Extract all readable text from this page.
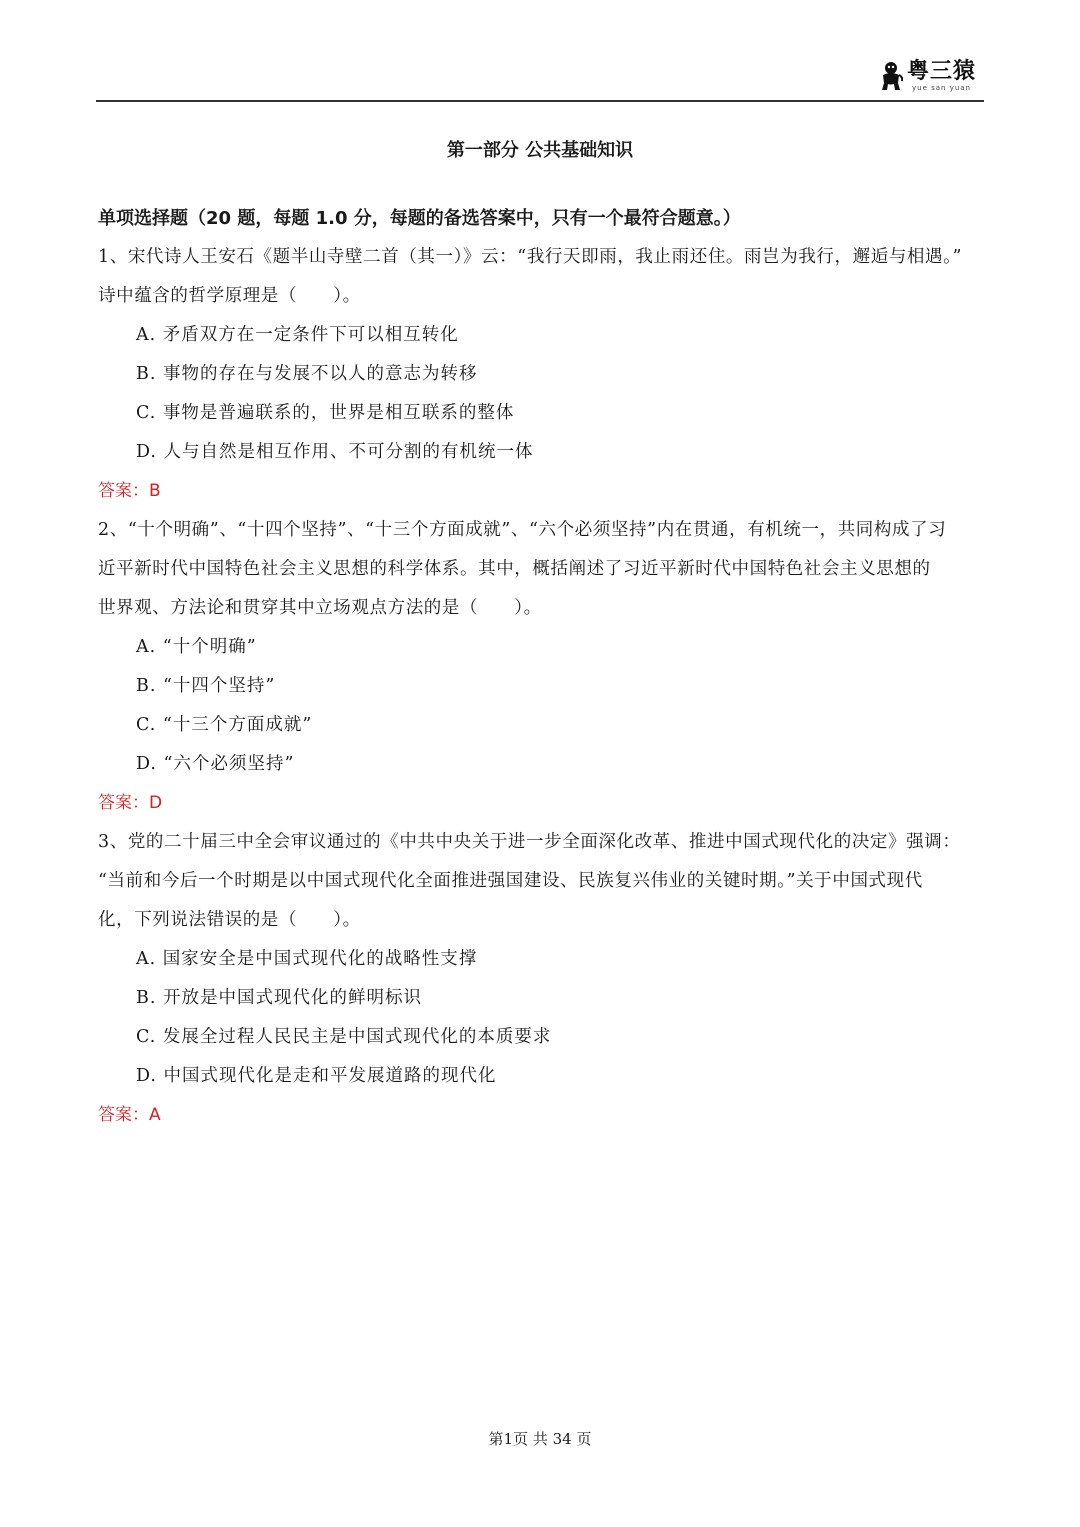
粤三猿
yue san yuan
第一部分 公共基础知识
单项选择题（20 题，每题 1.0 分，每题的备选答案中，只有一个最符合题意。）
1、宋代诗人王安石《题半山寺壁二首（其一）》云：“我行天即雨，我止雨还住。雨岂为我行，邂逅与相遇。”
诗中蕴含的哲学原理是（　　）。
A. 矛盾双方在一定条件下可以相互转化
B. 事物的存在与发展不以人的意志为转移
C. 事物是普遍联系的，世界是相互联系的整体
D. 人与自然是相互作用、不可分割的有机统一体
答案：B
2、“十个明确”、“十四个坚持”、“十三个方面成就”、“六个必须坚持”内在贯通，有机统一，共同构成了习
近平新时代中国特色社会主义思想的科学体系。其中，概括阐述了习近平新时代中国特色社会主义思想的
世界观、方法论和贯穿其中立场观点方法的是（　　）。
A. “十个明确”
B. “十四个坚持”
C. “十三个方面成就”
D. “六个必须坚持”
答案：D
3、党的二十届三中全会审议通过的《中共中央关于进一步全面深化改革、推进中国式现代化的决定》强调：
“当前和今后一个时期是以中国式现代化全面推进强国建设、民族复兴伟业的关键时期。”关于中国式现代
化，下列说法错误的是（　　）。
A. 国家安全是中国式现代化的战略性支撑
B. 开放是中国式现代化的鲜明标识
C. 发展全过程人民民主是中国式现代化的本质要求
D. 中国式现代化是走和平发展道路的现代化
答案：A
第1页 共 34 页
